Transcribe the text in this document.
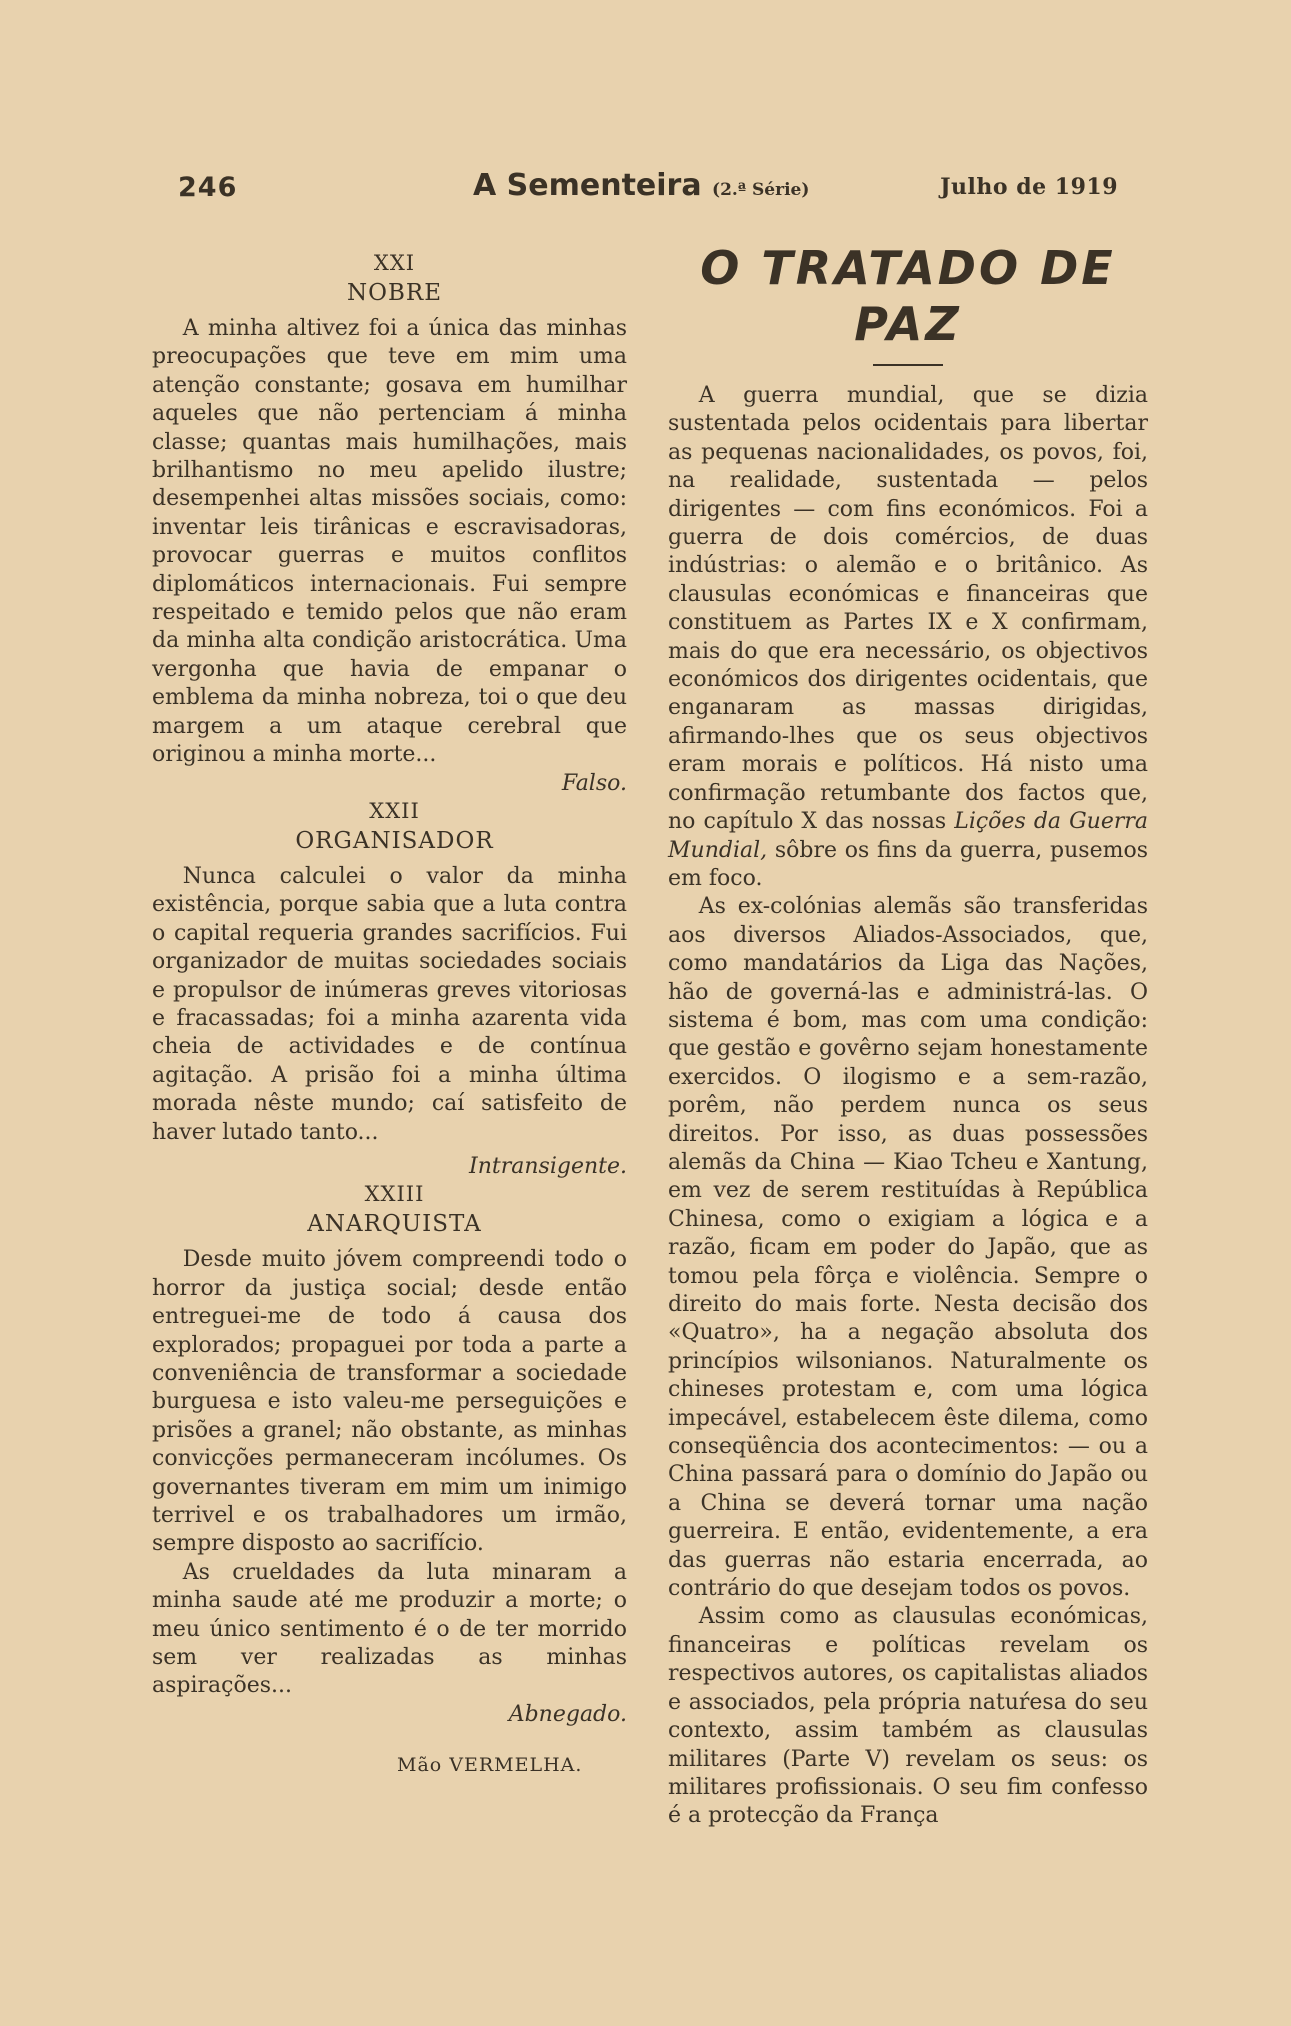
246	A Sementeira (2.ª Série)	Julho de 1919
XXI
NOBRE

A minha altivez foi a única das minhas preocupações que teve em mim uma atenção constante; gosava em humilhar aqueles que não pertenciam á minha classe; quantas mais humilhações, mais brilhantismo no meu apelido ilustre; desempenhei altas missões sociais, como: inventar leis tirânicas e escravisadoras, provocar guerras e muitos conflitos diplomáticos internacionais. Fui sempre respeitado e temido pelos que não eram da minha alta condição aristocrática. Uma vergonha que havia de empanar o emblema da minha nobreza, toi o que deu margem a um ataque cerebral que originou a minha morte...

Falso.

XXII
ORGANISADOR

Nunca calculei o valor da minha existência, porque sabia que a luta contra o capital requeria grandes sacrifícios. Fui organizador de muitas sociedades sociais e propulsor de inúmeras greves vitoriosas e fracassadas; foi a minha azarenta vida cheia de actividades e de contínua agitação. A prisão foi a minha última morada nêste mundo; caí satisfeito de haver lutado tanto...

Intransigente.

XXIII
ANARQUISTA

Desde muito jóvem compreendi todo o horror da justiça social; desde então entreguei-me de todo á causa dos explorados; propaguei por toda a parte a conveniência de transformar a sociedade burguesa e isto valeu-me perseguições e prisões a granel; não obstante, as minhas convicções permaneceram incólumes. Os governantes tiveram em mim um inimigo terrivel e os trabalhadores um irmão, sempre disposto ao sacrifício.

As crueldades da luta minaram a minha saude até me produzir a morte; o meu único sentimento é o de ter morrido sem ver realizadas as minhas aspirações...

Abnegado.

Mão VERMELHA.
O TRATADO DE PAZ

A guerra mundial, que se dizia sustentada pelos ocidentais para libertar as pequenas nacionalidades, os povos, foi, na realidade, sustentada — pelos dirigentes — com fins económicos. Foi a guerra de dois comércios, de duas indústrias: o alemão e o britânico. As clausulas económicas e financeiras que constituem as Partes IX e X confirmam, mais do que era necessário, os objectivos económicos dos dirigentes ocidentais, que enganaram as massas dirigidas, afirmando-lhes que os seus objectivos eram morais e políticos. Há nisto uma confirmação retumbante dos factos que, no capítulo X das nossas Lições da Guerra Mundial, sôbre os fins da guerra, pusemos em foco.

As ex-colónias alemãs são transferidas aos diversos Aliados-Associados, que, como mandatários da Liga das Nações, hão de governá-las e administrá-las. O sistema é bom, mas com uma condição: que gestão e govêrno sejam honestamente exercidos. O ilogismo e a sem-razão, porêm, não perdem nunca os seus direitos. Por isso, as duas possessões alemãs da China — Kiao Tcheu e Xantung, em vez de serem restituídas à República Chinesa, como o exigiam a lógica e a razão, ficam em poder do Japão, que as tomou pela fôrça e violência. Sempre o direito do mais forte. Nesta decisão dos «Quatro», ha a negação absoluta dos princípios wilsonianos. Naturalmente os chineses protestam e, com uma lógica impecável, estabelecem êste dilema, como conseqüência dos acontecimentos: — ou a China passará para o domínio do Japão ou a China se deverá tornar uma nação guerreira. E então, evidentemente, a era das guerras não estaria encerrada, ao contrário do que desejam todos os povos.

Assim como as clausulas económicas, financeiras e políticas revelam os respectivos autores, os capitalistas aliados e associados, pela própria natuŕesa do seu contexto, assim também as clausulas militares (Parte V) revelam os seus: os militares profissionais. O seu fim confesso é a protecção da França
